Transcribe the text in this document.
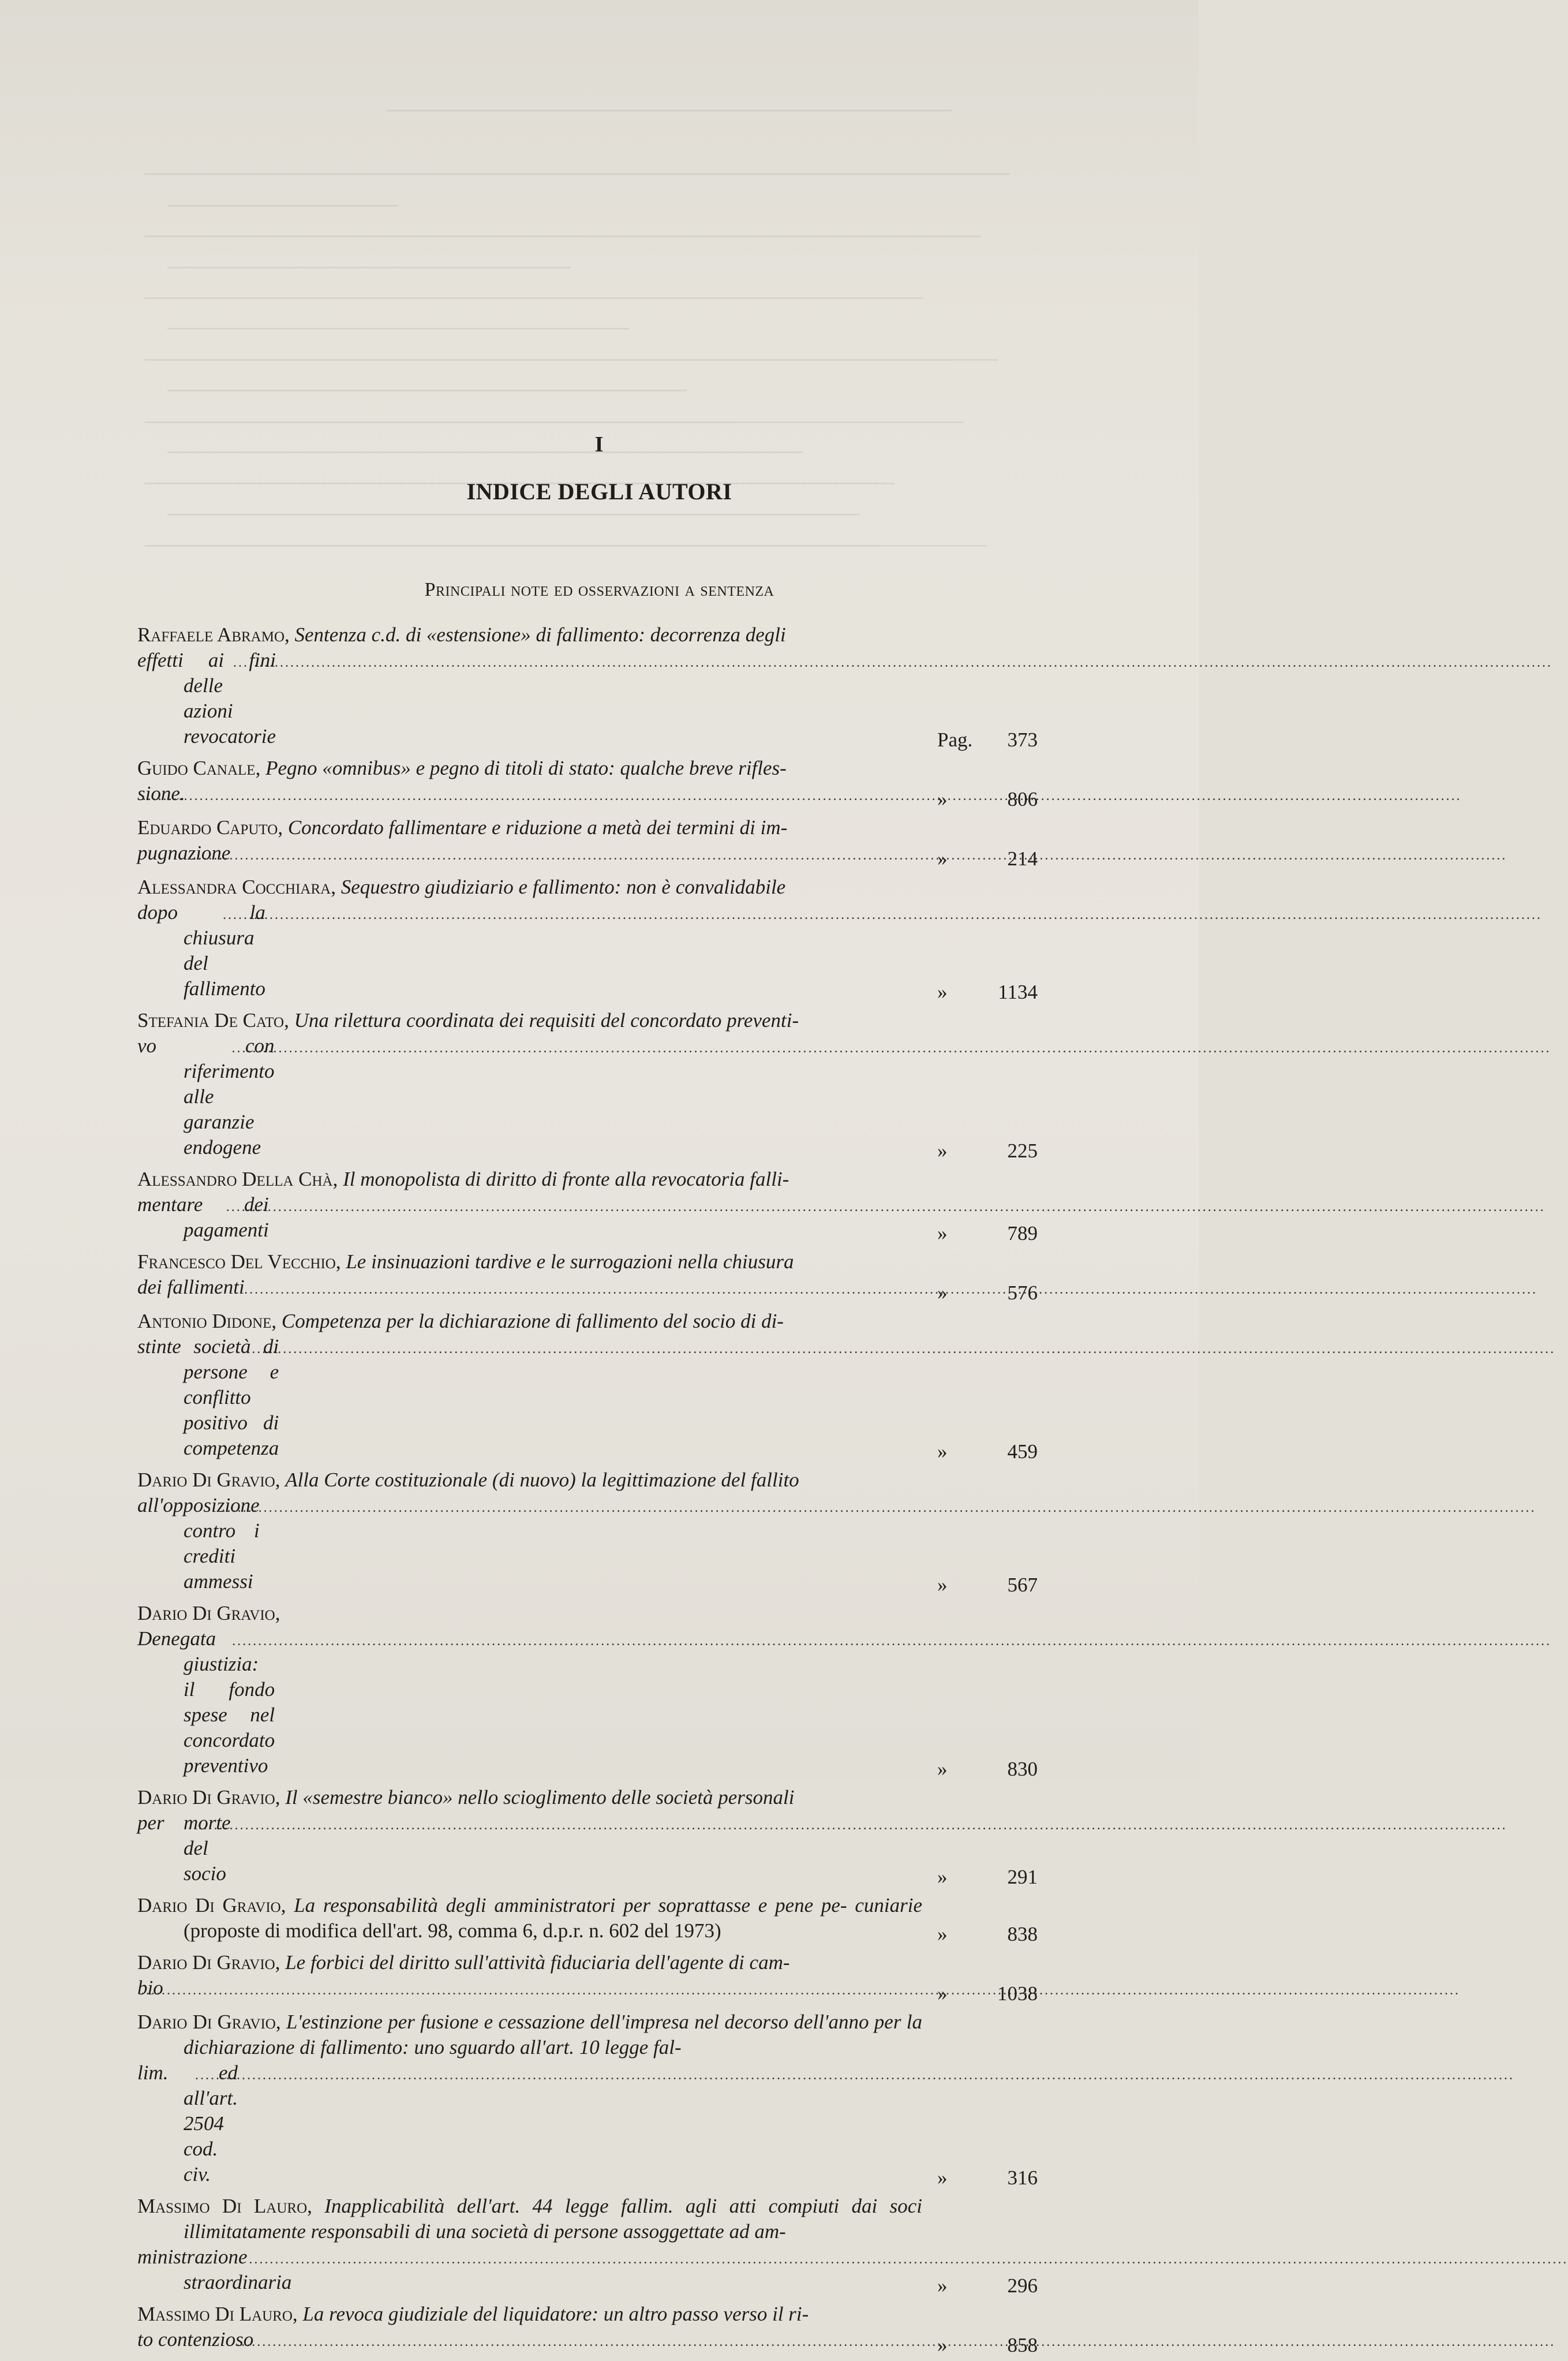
I
INDICE DEGLI AUTORI
Principali note ed osservazioni a sentenza
Raffaele Abramo, Sentenza c.d. di «estensione» di fallimento: decorrenza degli
effetti ai fini delle azioni revocatorie
.....	Pag. 373
Guido Canale, Pegno «omnibus» e pegno di titoli di stato: qualche breve rifles-
sione. .....	»	806
Eduardo Caputo, Concordato fallimentare e riduzione a metà dei termini di im-
pugnazione .....	»	214
Alessandra Cocchiara, Sequestro giudiziario e fallimento: non è convalidabile
dopo la chiusura del fallimento
.....	»	1134
Stefania De Cato, Una rilettura coordinata dei requisiti del concordato preventi-
vo con riferimento alle garanzie endogene
.....	»	225
Alessandro Della Chà, Il monopolista di diritto di fronte alla revocatoria falli-
mentare dei pagamenti
.....	»	789
Francesco Del Vecchio, Le insinuazioni tardive e le surrogazioni nella chiusura
dei fallimenti .....	»	576
Antonio Didone, Competenza per la dichiarazione di fallimento del socio di di-
stinte società di persone e conflitto positivo di competenza
.....	»	459
Dario Di Gravio, Alla Corte costituzionale (di nuovo) la legittimazione del fallito
all'opposizione contro i crediti ammessi
.....	»	567
Dario Di Gravio,
Denegata giustizia: il fondo spese nel concordato preventivo
.....	»	830
Dario Di Gravio, Il «semestre bianco» nello scioglimento delle società personali
per morte del socio
.....	»	291
Dario Di Gravio, La responsabilità degli amministratori per soprattasse e pene pe- cuniarie (proposte di modifica dell'art. 98, comma 6, d.p.r. n. 602 del 1973)	»	838
Dario Di Gravio, Le forbici del diritto sull'attività fiduciaria dell'agente di cam-
bio .....	» 1038
Dario Di Gravio, L'estinzione per fusione e cessazione dell'impresa nel decorso dell'anno per la dichiarazione di fallimento: uno sguardo all'art. 10 legge fal-
lim. ed all'art. 2504 cod. civ.
.....	»	316
Massimo Di Lauro, Inapplicabilità dell'art. 44 legge fallim. agli atti compiuti dai soci illimitatamente responsabili di una società di persone assoggettate ad am-
ministrazione straordinaria
.....	»	296
Massimo Di Lauro, La revoca giudiziale del liquidatore: un altro passo verso il ri-
to contenzioso .....	»	858
